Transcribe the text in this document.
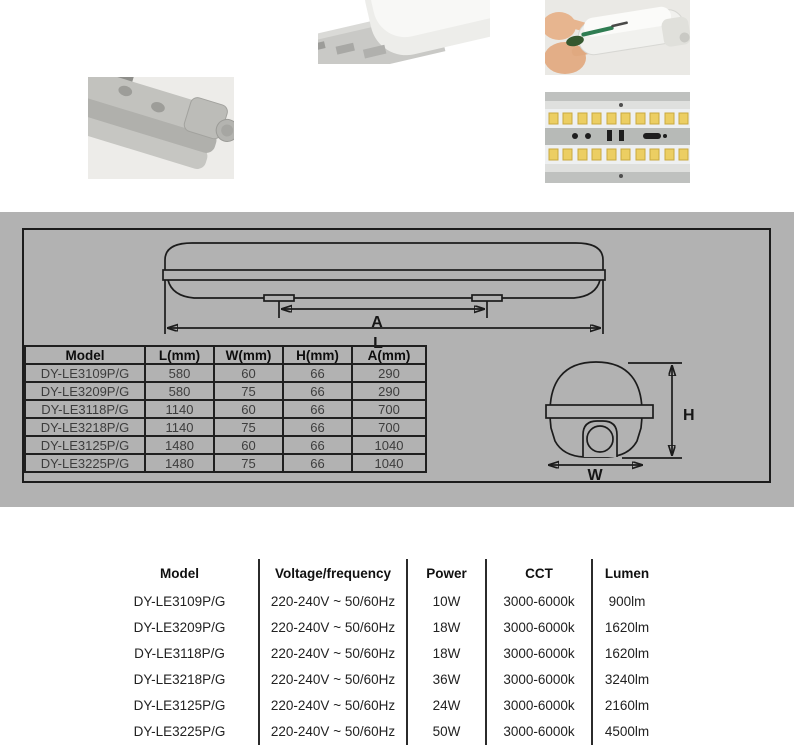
A
L
H
W
Model	L(mm)	W(mm)	H(mm)	A(mm)
DY-LE3109P/G	580	60	66	290
DY-LE3209P/G	580	75	66	290
DY-LE3118P/G	1140	60	66	700
DY-LE3218P/G	1140	75	66	700
DY-LE3125P/G	1480	60	66	1040
DY-LE3225P/G	1480	75	66	1040
Model	Voltage/frequency	Power	CCT	Lumen
DY-LE3109P/G	220-240V ~ 50/60Hz	10W	3000-6000k	900lm
DY-LE3209P/G	220-240V ~ 50/60Hz	18W	3000-6000k	1620lm
DY-LE3118P/G	220-240V ~ 50/60Hz	18W	3000-6000k	1620lm
DY-LE3218P/G	220-240V ~ 50/60Hz	36W	3000-6000k	3240lm
DY-LE3125P/G	220-240V ~ 50/60Hz	24W	3000-6000k	2160lm
DY-LE3225P/G	220-240V ~ 50/60Hz	50W	3000-6000k	4500lm
